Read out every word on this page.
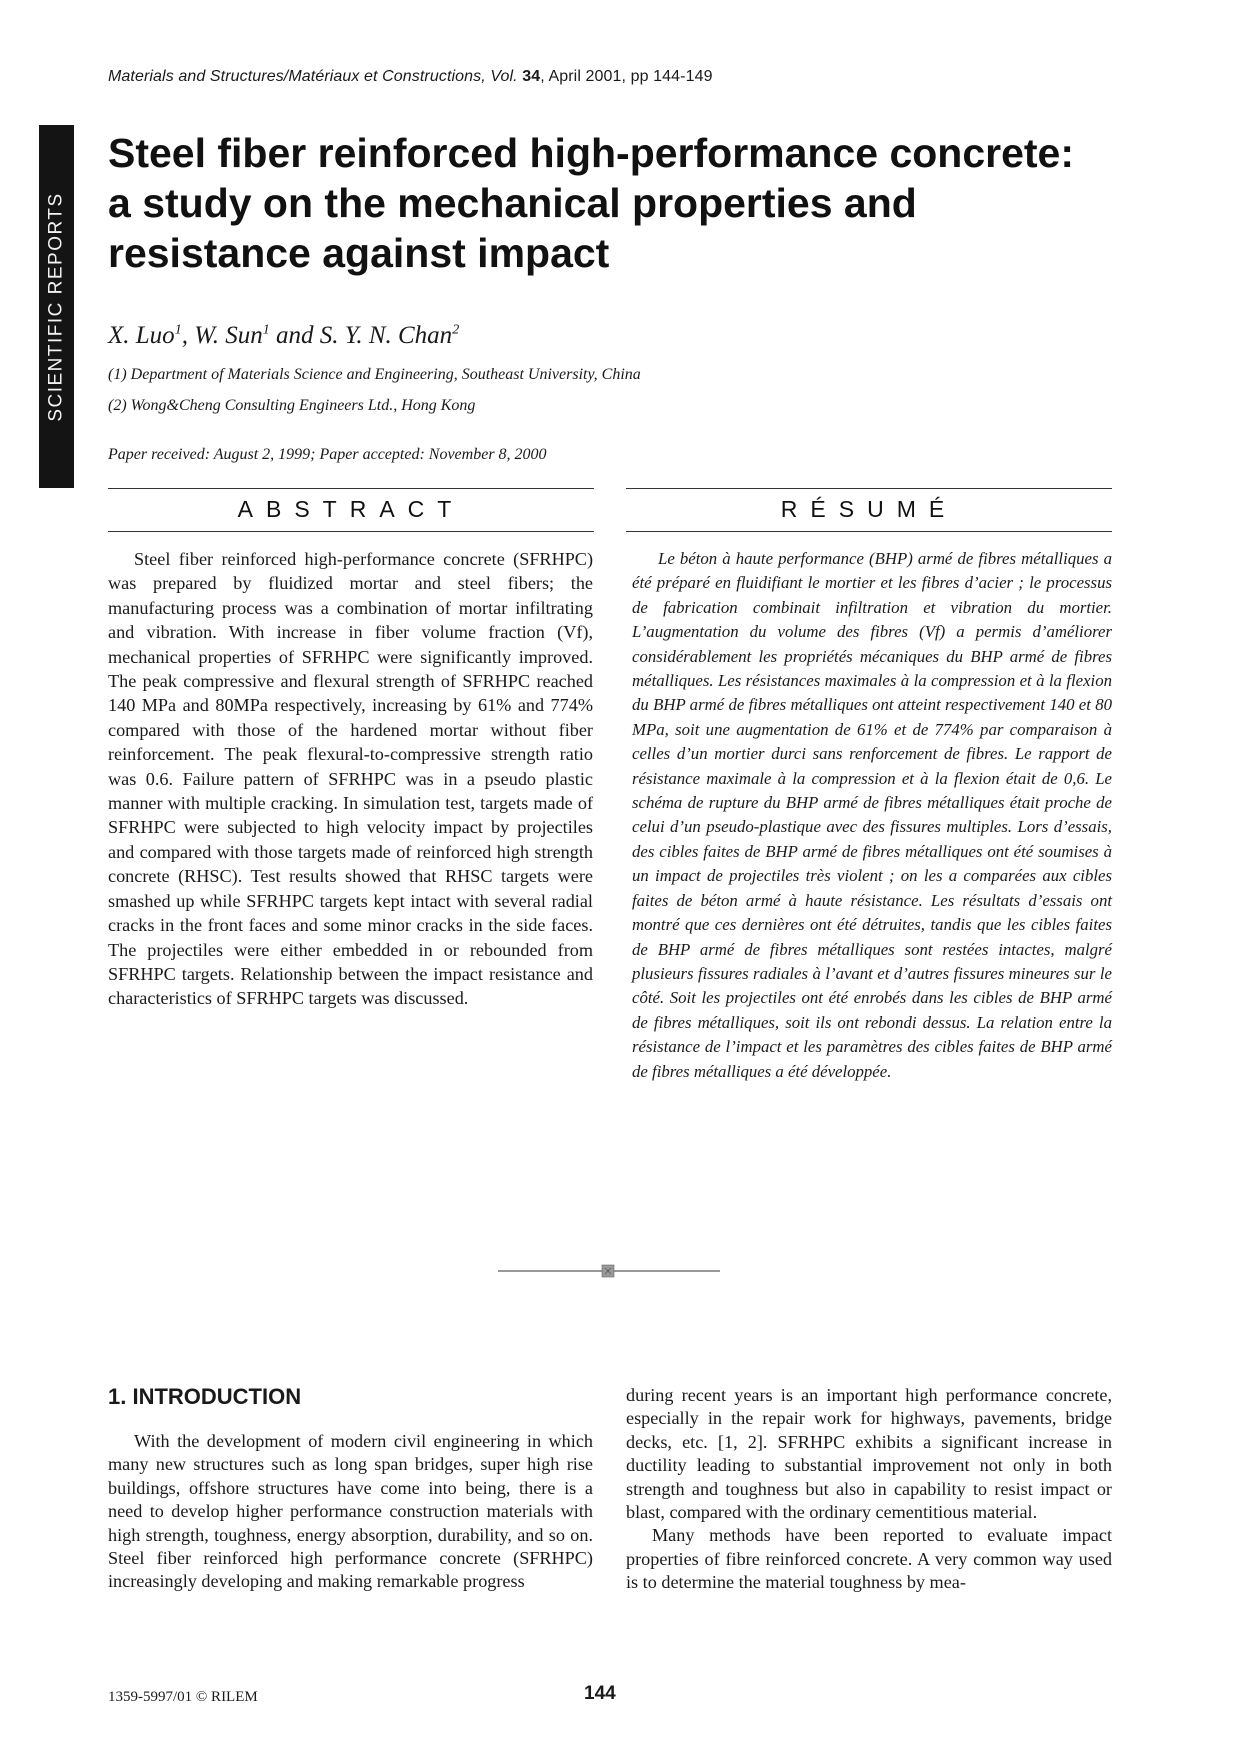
Materials and Structures/Matériaux et Constructions, Vol. 34, April 2001, pp 144-149
SCIENTIFIC REPORTS
Steel fiber reinforced high-performance concrete: a study on the mechanical properties and resistance against impact
X. Luo$^1$, W. Sun$^1$ and S. Y. N. Chan$^2$
(1) Department of Materials Science and Engineering, Southeast University, China
(2) Wong&Cheng Consulting Engineers Ltd., Hong Kong
Paper received: August 2, 1999; Paper accepted: November 8, 2000
ABSTRACT	RÉSUMÉ
Steel fiber reinforced high-performance concrete (SFRHPC) was prepared by fluidized mortar and steel fibers; the manufacturing process was a combination of mortar infiltrating and vibration. With increase in fiber volume fraction (Vf), mechanical properties of SFRHPC were significantly improved. The peak compressive and flexural strength of SFRHPC reached 140 MPa and 80MPa respectively, increasing by 61% and 774% compared with those of the hardened mortar without fiber reinforcement. The peak flexural-to-compressive strength ratio was 0.6. Failure pattern of SFRHPC was in a pseudo plastic manner with multiple cracking. In simulation test, targets made of SFRHPC were subjected to high velocity impact by projectiles and compared with those targets made of reinforced high strength concrete (RHSC). Test results showed that RHSC targets were smashed up while SFRHPC targets kept intact with several radial cracks in the front faces and some minor cracks in the side faces. The projectiles were either embedded in or rebounded from SFRHPC targets. Relationship between the impact resistance and characteristics of SFRHPC targets was discussed.
Le béton à haute performance (BHP) armé de fibres métalliques a été préparé en fluidifiant le mortier et les fibres d’acier ; le processus de fabrication combinait infiltration et vibration du mortier. L’augmentation du volume des fibres (Vf) a permis d’améliorer considérablement les propriétés mécaniques du BHP armé de fibres métalliques. Les résistances maximales à la compression et à la flexion du BHP armé de fibres métalliques ont atteint respectivement 140 et 80 MPa, soit une augmentation de 61% et de 774% par comparaison à celles d’un mortier durci sans renforcement de fibres. Le rapport de résistance maximale à la compression et à la flexion était de 0,6. Le schéma de rupture du BHP armé de fibres métalliques était proche de celui d’un pseudo-plastique avec des fissures multiples. Lors d’essais, des cibles faites de BHP armé de fibres métalliques ont été soumises à un impact de projectiles très violent ; on les a comparées aux cibles faites de béton armé à haute résistance. Les résultats d’essais ont montré que ces dernières ont été détruites, tandis que les cibles faites de BHP armé de fibres métalliques sont restées intactes, malgré plusieurs fissures radiales à l’avant et d’autres fissures mineures sur le côté. Soit les projectiles ont été enrobés dans les cibles de BHP armé de fibres métalliques, soit ils ont rebondi dessus. La relation entre la résistance de l’impact et les paramètres des cibles faites de BHP armé de fibres métalliques a été développée.
1. INTRODUCTION

With the development of modern civil engineering in which many new structures such as long span bridges, super high rise buildings, offshore structures have come into being, there is a need to develop higher performance construction materials with high strength, toughness, energy absorption, durability, and so on. Steel fiber reinforced high performance concrete (SFRHPC) increasingly developing and making remarkable progress

during recent years is an important high performance concrete, especially in the repair work for highways, pavements, bridge decks, etc. [1, 2]. SFRHPC exhibits a significant increase in ductility leading to substantial improvement not only in both strength and toughness but also in capability to resist impact or blast, compared with the ordinary cementitious material.

Many methods have been reported to evaluate impact properties of fibre reinforced concrete. A very common way used is to determine the material toughness by mea-

1359-5997/01 © RILEM	144
